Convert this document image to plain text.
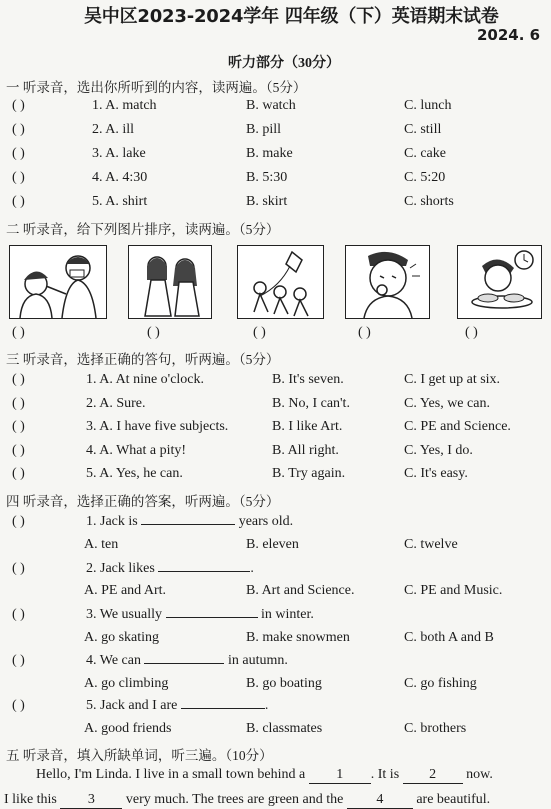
吴中区2023-2024学年 四年级（下）英语期末试卷
2024. 6
听力部分（30分）
一 听录音，选出你所听到的内容，读两遍。（5分）
( )	1. A. match	B. watch	C. lunch
( )	2. A. ill	B. pill	C. still
( )	3. A. lake	B. make	C. cake
( )	4. A. 4:30	B. 5:30	C. 5:20
( )	5. A. shirt	B. skirt	C. shorts
二 听录音，给下列图片排序，读两遍。（5分）
( )	( )	( )	( )	( )
三 听录音，选择正确的答句，听两遍。（5分）
( )	1. A. At nine o'clock.	B. It's seven.	C. I get up at six.
( )	2. A. Sure.	B. No, I can't.	C. Yes, we can.
( )	3. A. I have five subjects.	B. I like Art.	C. PE and Science.
( )	4. A. What a pity!	B. All right.	C. Yes, I do.
( )	5. A. Yes, he can.	B. Try again.	C. It's easy.
四 听录音，选择正确的答案，听两遍。（5分）
( )	1. Jack is	years old.
A. ten	B. eleven	C. twelve
( )	2. Jack likes	.
A. PE and Art.	B. Art and Science.	C. PE and Music.
( )	3. We usually	in winter.
A. go skating	B. make snowmen	C. both A and B
( )	4. We can	in autumn.
A. go climbing	B. go boating	C. go fishing
( )	5. Jack and I are	.
A. good friends	B. classmates	C. brothers
五 听录音，填入所缺单词，听三遍。（10分）
Hello, I'm Linda. I live in a small town behind a 1 . It is 2 now.
I like this 3 very much. The trees are green and the 4 are beautiful.
